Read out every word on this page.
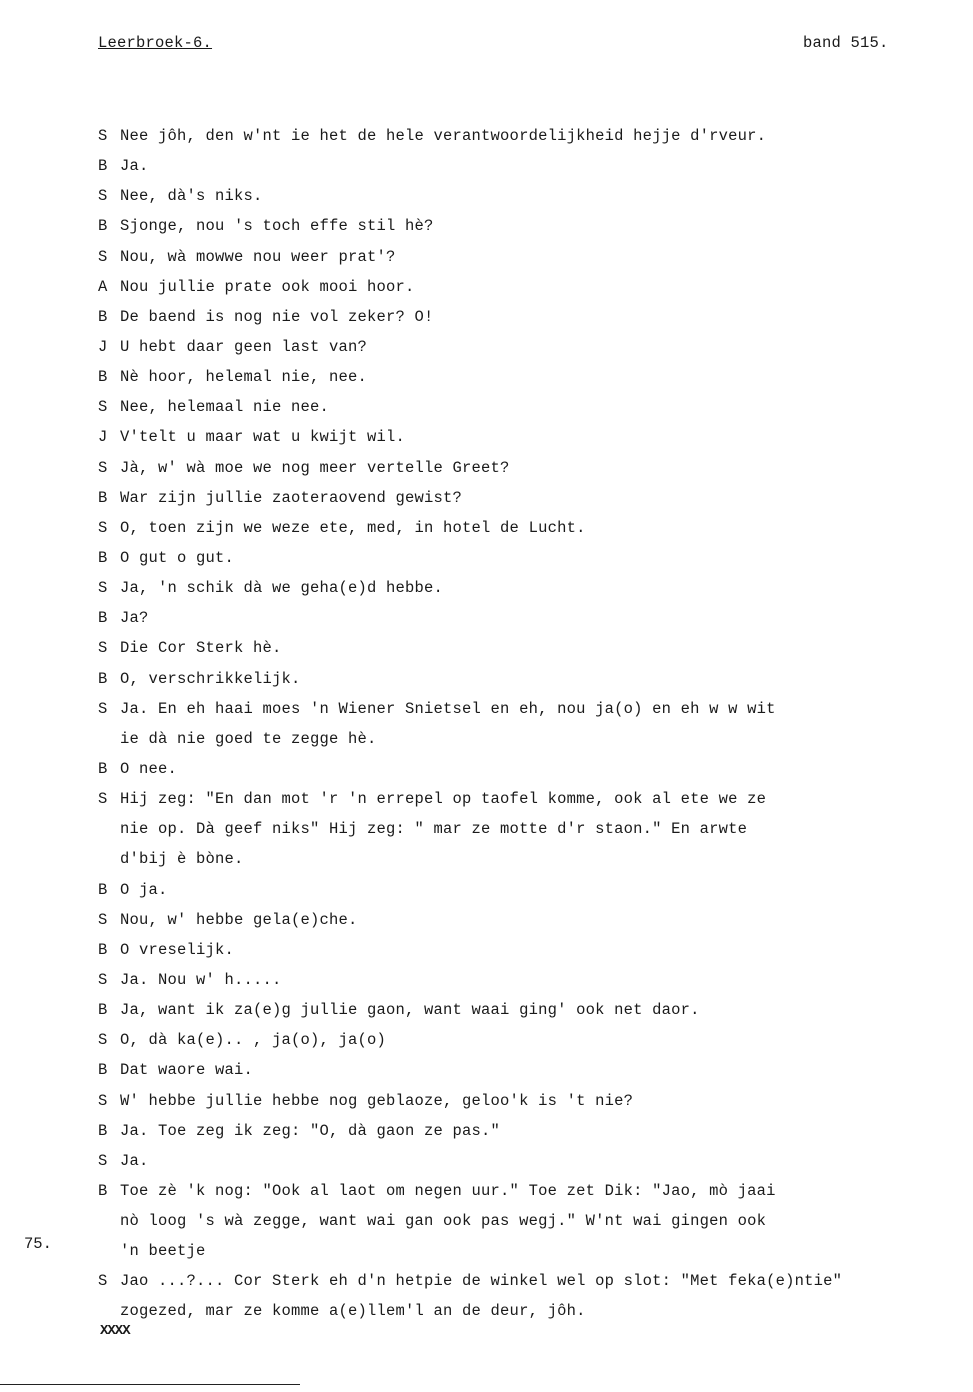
Leerbroek-6.	band 515.
S Nee jôh, den w'nt ie het de hele verantwoordelijkheid hejje d'rveur.
B Ja.
S Nee, dà's niks.
B Sjonge, nou 's toch effe stil hè?
S Nou, wà mowwe nou weer prat'?
A Nou jullie prate ook mooi hoor.
B De baend is nog nie vol zeker? O!
J U hebt daar geen last van?
B Nè hoor, helemal nie, nee.
S Nee, helemaal nie nee.
J V'telt u maar wat u kwijt wil.
S Jà, w' wà moe we nog meer vertelle Greet?
B War zijn jullie zaoteraovend gewist?
S O, toen zijn we weze ete, med, in hotel de Lucht.
B O gut o gut.
S Ja, 'n schik dà we geha(e)d hebbe.
B Ja?
S Die Cor Sterk hè.
B O, verschrikkelijk.
S Ja. En eh haai moes 'n Wiener Snietsel en eh, nou ja(o) en eh w w wit
ie dà nie goed te zegge hè.
B O nee.
S Hij zeg: "En dan mot 'r 'n errepel op taofel komme, ook al ete we ze
nie op. Dà geef niks" Hij zeg: " mar ze motte d'r staon." En arwte
d'bij è bòne.
B O ja.
S Nou, w' hebbe gela(e)che.
B O vreselijk.
S Ja. Nou w' h.....
B Ja, want ik za(e)g jullie gaon, want waai ging' ook net daor.
S O, dà ka(e).. , ja(o), ja(o)
B Dat waore wai.
S W' hebbe jullie hebbe nog geblaoze, geloo'k is 't nie?
B Ja. Toe zeg ik zeg: "O, dà gaon ze pas."
S Ja.
B Toe zè 'k nog: "Ook al laot om negen uur." Toe zet Dik: "Jao, mò jaai
nò loog 's wà zegge, want wai gan ook pas wegj." W'nt wai gingen ook
'n beetje
S Jao ...?... Cor Sterk eh d'n hetpie de winkel wel op slot: "Met feka(e)ntie"
zogezed, mar ze komme a(e)llem'l an de deur, jôh.
75.
XXXX
